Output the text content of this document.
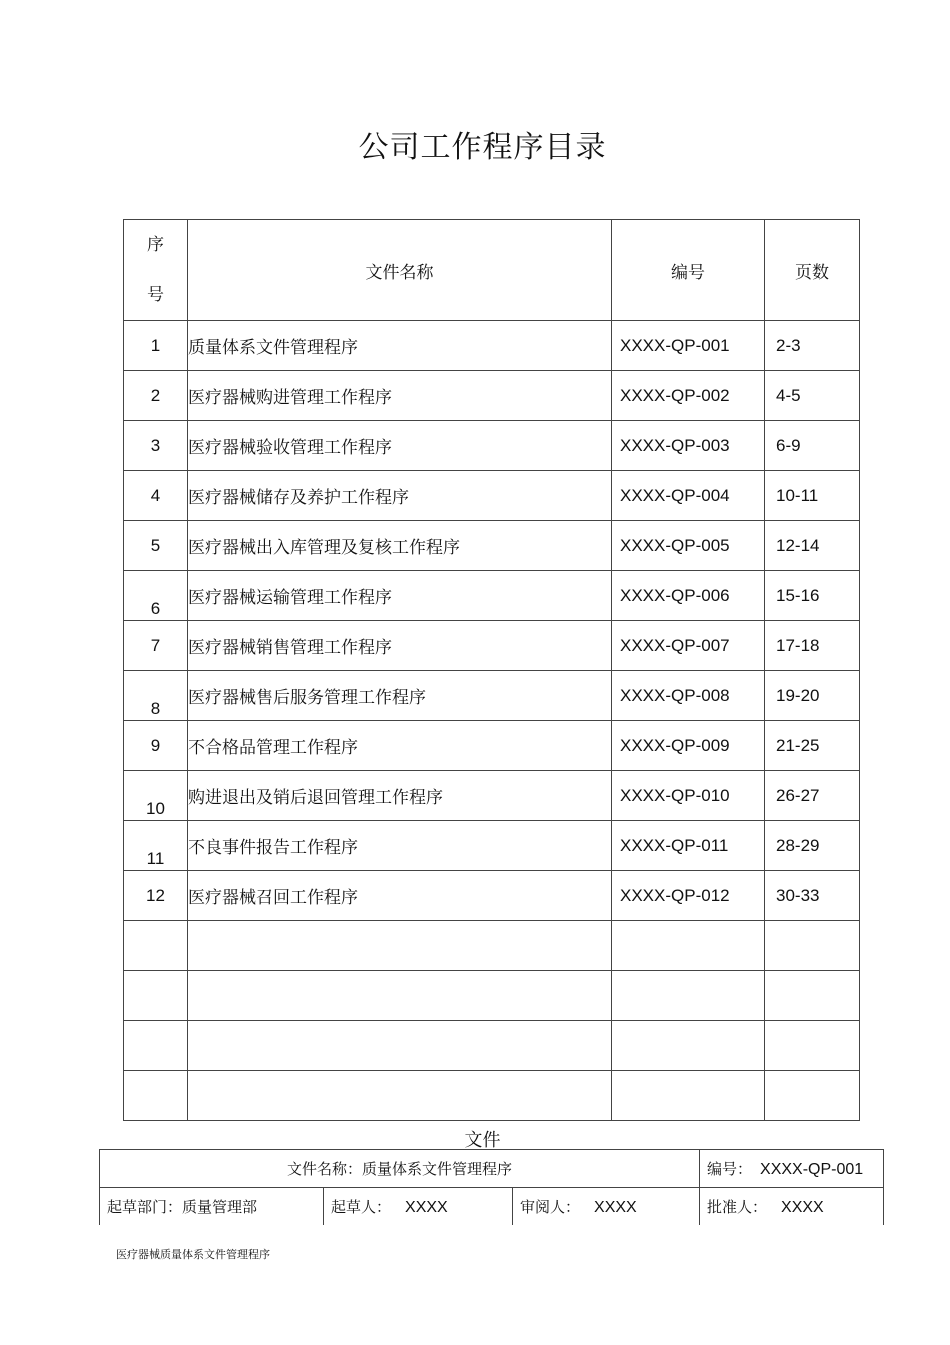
公司工作程序目录
序
号	文件名称	编号	页数
1	质量体系文件管理程序	XXXX-QP-001	2-3
2	医疗器械购进管理工作程序	XXXX-QP-002	4-5
3	医疗器械验收管理工作程序	XXXX-QP-003	6-9
4	医疗器械储存及养护工作程序	XXXX-QP-004	10-11
5	医疗器械出入库管理及复核工作程序	XXXX-QP-005	12-14
6	医疗器械运输管理工作程序	XXXX-QP-006	15-16
7	医疗器械销售管理工作程序	XXXX-QP-007	17-18
8	医疗器械售后服务管理工作程序	XXXX-QP-008	19-20
9	不合格品管理工作程序	XXXX-QP-009	21-25
10	购进退出及销后退回管理工作程序	XXXX-QP-010	26-27
11	不良事件报告工作程序	XXXX-QP-011	28-29
12	医疗器械召回工作程序	XXXX-QP-012	30-33

文件
文件名称：质量体系文件管理程序			编号： XXXX-QP-001
起草部门：质量管理部	起草人： XXXX	审阅人： XXXX	批准人： XXXX
医疗器械质量体系文件管理程序
